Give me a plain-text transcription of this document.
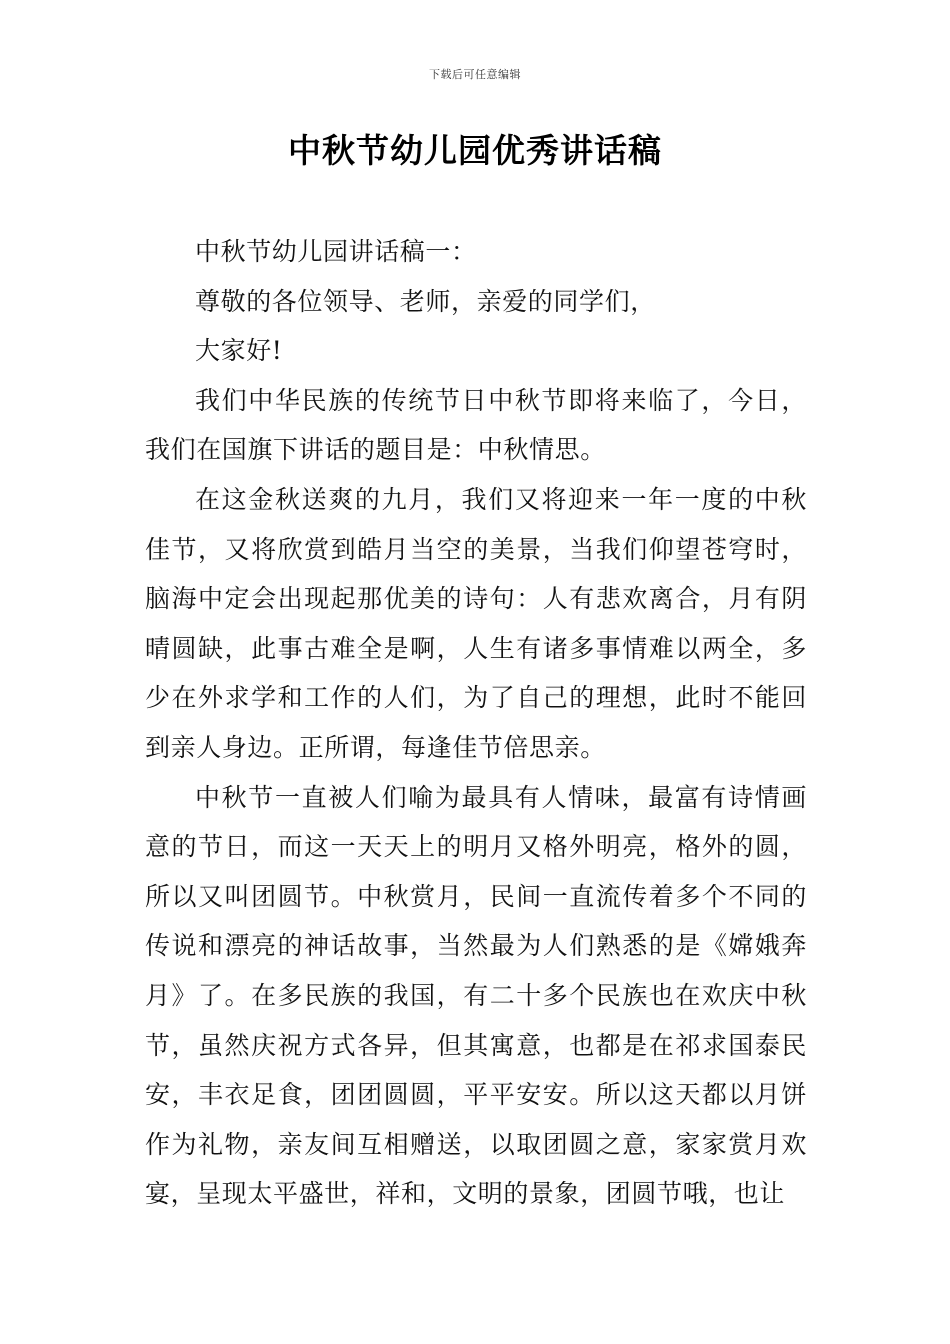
下载后可任意编辑
中秋节幼儿园优秀讲话稿

中秋节幼儿园讲话稿一：

尊敬的各位领导、老师，亲爱的同学们，

大家好!

我们中华民族的传统节日中秋节即将来临了，今日，我们在国旗下讲话的题目是：中秋情思。

在这金秋送爽的九月，我们又将迎来一年一度的中秋佳节，又将欣赏到皓月当空的美景，当我们仰望苍穹时，脑海中定会出现起那优美的诗句：人有悲欢离合，月有阴晴圆缺，此事古难全是啊，人生有诸多事情难以两全，多少在外求学和工作的人们，为了自己的理想，此时不能回到亲人身边。正所谓，每逢佳节倍思亲。

中秋节一直被人们喻为最具有人情味，最富有诗情画意的节日，而这一天天上的明月又格外明亮，格外的圆，所以又叫团圆节。中秋赏月，民间一直流传着多个不同的传说和漂亮的神话故事，当然最为人们熟悉的是《嫦娥奔月》了。在多民族的我国，有二十多个民族也在欢庆中秋节，虽然庆祝方式各异，但其寓意，也都是在祁求国泰民安，丰衣足食，团团圆圆，平平安安。所以这天都以月饼作为礼物，亲友间互相赠送，以取团圆之意，家家赏月欢宴，呈现太平盛世，祥和，文明的景象，团圆节哦，也让
